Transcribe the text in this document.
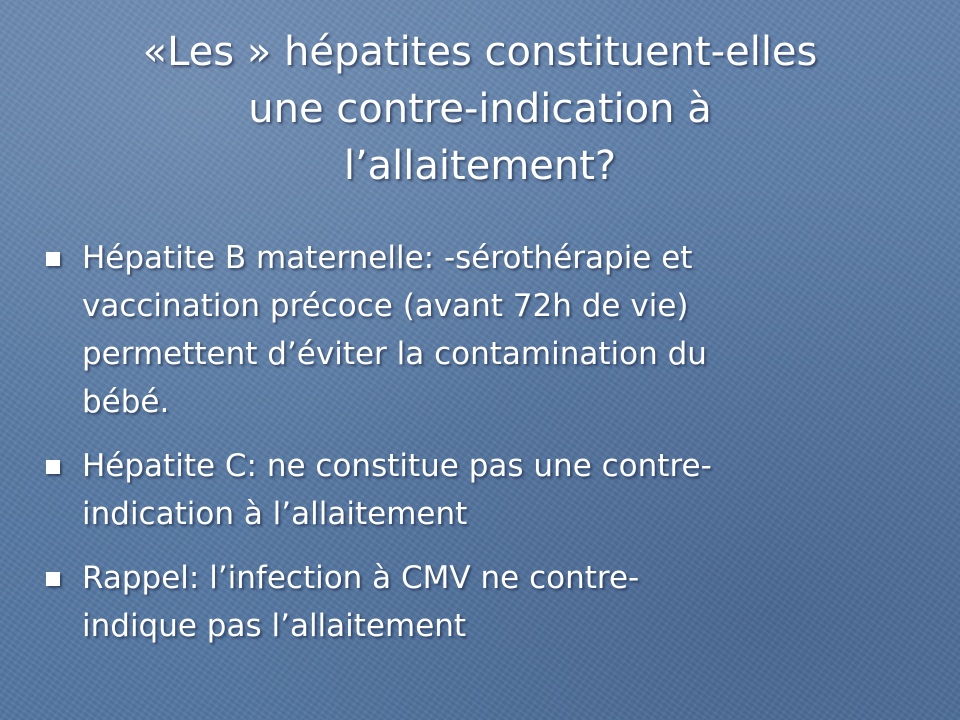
«Les » hépatites constituent-elles
une contre-indication à
l’allaitement?
Hépatite B maternelle: -sérothérapie et
vaccination précoce (avant 72h de vie)
permettent d’éviter la contamination du
bébé.
Hépatite C: ne constitue pas une contre-
indication à l’allaitement
Rappel: l’infection à CMV ne contre-
indique pas l’allaitement
